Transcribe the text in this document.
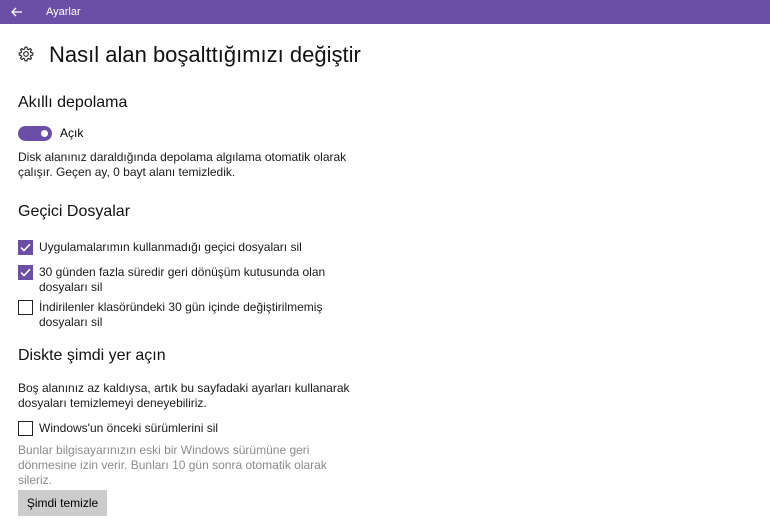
Ayarlar
Nasıl alan boşalttığımızı değiştir
Akıllı depolama
Açık
Disk alanınız daraldığında depolama algılama otomatik olarak çalışır. Geçen ay, 0 bayt alanı temizledik.
Geçici Dosyalar
Uygulamalarımın kullanmadığı geçici dosyaları sil
30 günden fazla süredir geri dönüşüm kutusunda olan dosyaları sil
İndirilenler klasöründeki 30 gün içinde değiştirilmemiş dosyaları sil
Diskte şimdi yer açın
Boş alanınız az kaldıysa, artık bu sayfadaki ayarları kullanarak dosyaları temizlemeyi deneyebiliriz.
Windows'un önceki sürümlerini sil
Bunlar bilgisayarınızın eski bir Windows sürümüne geri dönmesine izin verir. Bunları 10 gün sonra otomatik olarak sileriz.
Şimdi temizle
